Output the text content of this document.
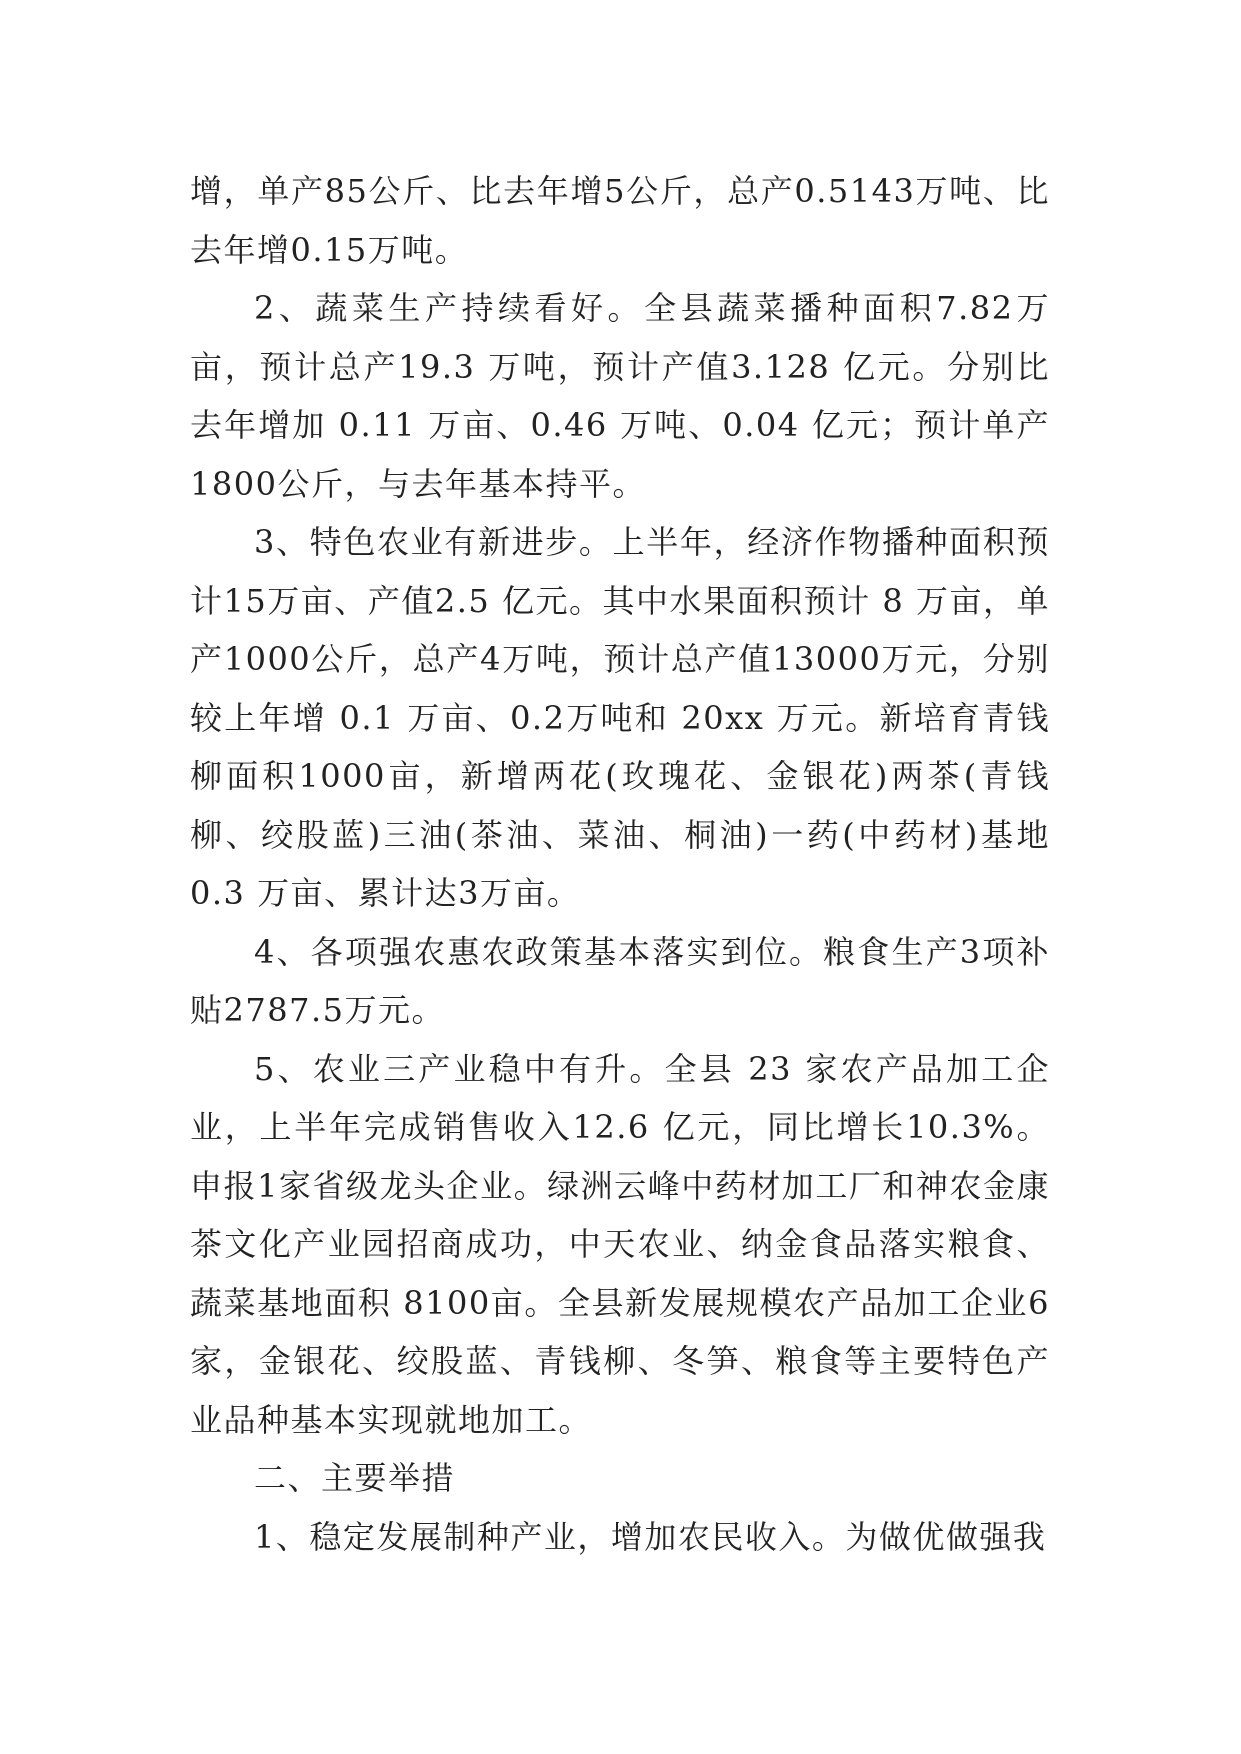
增，单产85公斤、比去年增5公斤，总产0.5143万吨、比去年增0.15万吨。

2、蔬菜生产持续看好。全县蔬菜播种面积7.82万亩，预计总产19.3 万吨，预计产值3.128 亿元。分别比去年增加 0.11 万亩、0.46 万吨、0.04 亿元；预计单产1800公斤，与去年基本持平。

3、特色农业有新进步。上半年，经济作物播种面积预计15万亩、产值2.5 亿元。其中水果面积预计 8 万亩，单产1000公斤，总产4万吨，预计总产值13000万元，分别较上年增 0.1 万亩、0.2万吨和 20xx 万元。新培育青钱柳面积1000亩，新增两花(玫瑰花、金银花)两茶(青钱柳、绞股蓝)三油(茶油、菜油、桐油)一药(中药材)基地 0.3 万亩、累计达3万亩。

4、各项强农惠农政策基本落实到位。粮食生产3项补贴2787.5万元。

5、农业三产业稳中有升。全县 23 家农产品加工企业，上半年完成销售收入12.6 亿元，同比增长10.3%。申报1家省级龙头企业。绿洲云峰中药材加工厂和神农金康茶文化产业园招商成功，中天农业、纳金食品落实粮食、蔬菜基地面积 8100亩。全县新发展规模农产品加工企业6家，金银花、绞股蓝、青钱柳、冬笋、粮食等主要特色产业品种基本实现就地加工。

二、主要举措

1、稳定发展制种产业，增加农民收入。为做优做强我
